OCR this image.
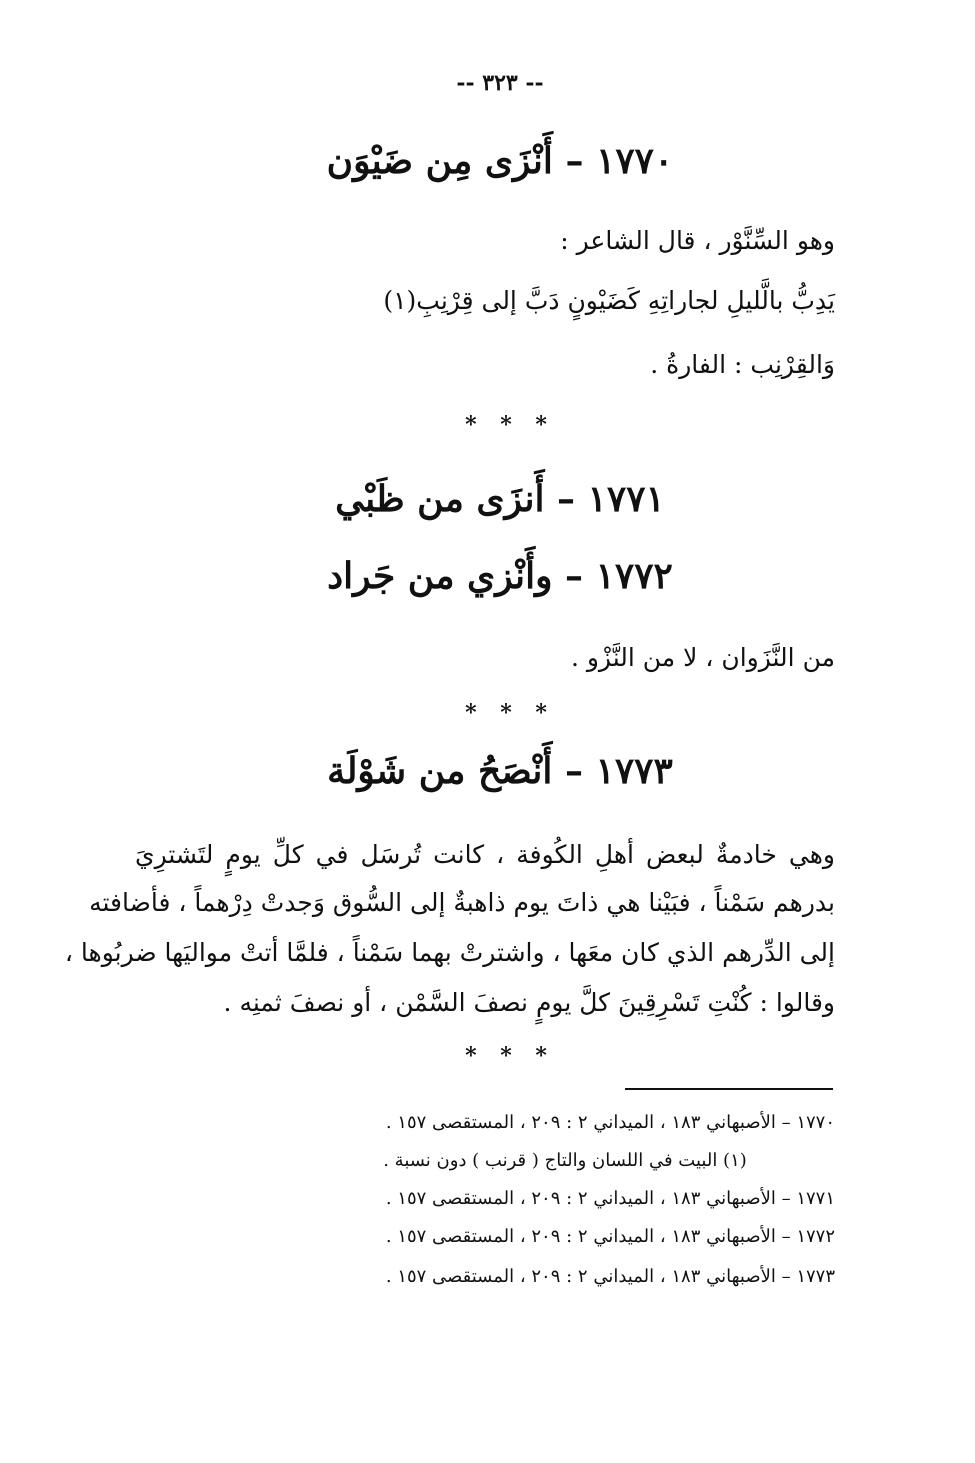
-- ٣٢٣ --
١٧٧٠ – أَنْزَى مِن ضَيْوَن
وهو السِّنَّوْر ، قال الشاعر :
يَدِبُّ بالَّليلِ لجاراتِهِ كَضَيْونٍ دَبَّ إلى قِرْنِبِ(١)
وَالقِرْنِب : الفارةُ .
* * *
١٧٧١ – أَنزَى من ظَبْي
١٧٧٢ – وأَنْزي من جَراد
من النَّزَوان ، لا من النَّزْو .
* * *
١٧٧٣ – أَنْصَحُ من شَوْلَة
وهي خادمةٌ لبعض أهلِ الكُوفة ، كانت تُرسَل في كلِّ يومٍ لتَشترِيَ
بدرهم سَمْناً ، فبَيْنا هي ذاتَ يوم ذاهبةٌ إلى السُّوق وَجدتْ دِرْهماً ، فأضافته
إلى الدِّرهم الذي كان معَها ، واشترتْ بهما سَمْناً ، فلمَّا أتتْ مواليَها ضربُوها ،
وقالوا : كُنْتِ تَسْرِقِينَ كلَّ يومٍ نصفَ السَّمْن ، أو نصفَ ثمنِه .
* * *
١٧٧٠ – الأصبهاني ١٨٣ ، الميداني ٢ : ٢٠٩ ، المستقصى ١٥٧ .
(١) البيت في اللسان والتاج ( قرنب ) دون نسبة .
١٧٧١ – الأصبهاني ١٨٣ ، الميداني ٢ : ٢٠٩ ، المستقصى ١٥٧ .
١٧٧٢ – الأصبهاني ١٨٣ ، الميداني ٢ : ٢٠٩ ، المستقصى ١٥٧ .
١٧٧٣ – الأصبهاني ١٨٣ ، الميداني ٢ : ٢٠٩ ، المستقصى ١٥٧ .
